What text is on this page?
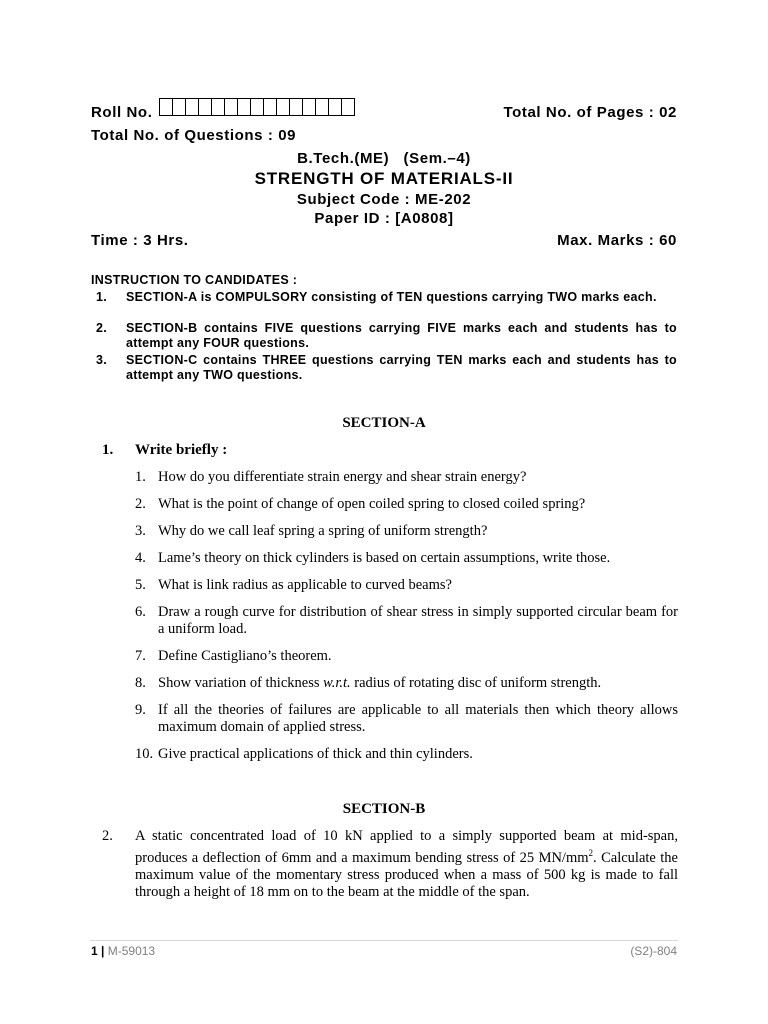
Roll No.	Total No. of Pages : 02
Total No. of Questions : 09
B.Tech.(ME)   (Sem.–4)
STRENGTH OF MATERIALS-II
Subject Code : ME-202
Paper ID : [A0808]
Time : 3 Hrs.	Max. Marks : 60
INSTRUCTION TO CANDIDATES :
1. SECTION-A is COMPULSORY consisting of TEN questions carrying TWO marks each.
2. SECTION-B contains FIVE questions carrying FIVE marks each and students has to attempt any FOUR questions.
3. SECTION-C contains THREE questions carrying TEN marks each and students has to attempt any TWO questions.
SECTION-A
1. Write briefly :
1. How do you differentiate strain energy and shear strain energy?
2. What is the point of change of open coiled spring to closed coiled spring?
3. Why do we call leaf spring a spring of uniform strength?
4. Lame’s theory on thick cylinders is based on certain assumptions, write those.
5. What is link radius as applicable to curved beams?
6. Draw a rough curve for distribution of shear stress in simply supported circular beam for a uniform load.
7. Define Castigliano’s theorem.
8. Show variation of thickness w.r.t. radius of rotating disc of uniform strength.
9. If all the theories of failures are applicable to all materials then which theory allows maximum domain of applied stress.
10. Give practical applications of thick and thin cylinders.
SECTION-B
2. A static concentrated load of 10 kN applied to a simply supported beam at mid-span, produces a deflection of 6mm and a maximum bending stress of 25 $MN/mm^2$. Calculate the maximum value of the momentary stress produced when a mass of 500 kg is made to fall through a height of 18 mm on to the beam at the middle of the span.
1 | M-59013	(S2)-804
